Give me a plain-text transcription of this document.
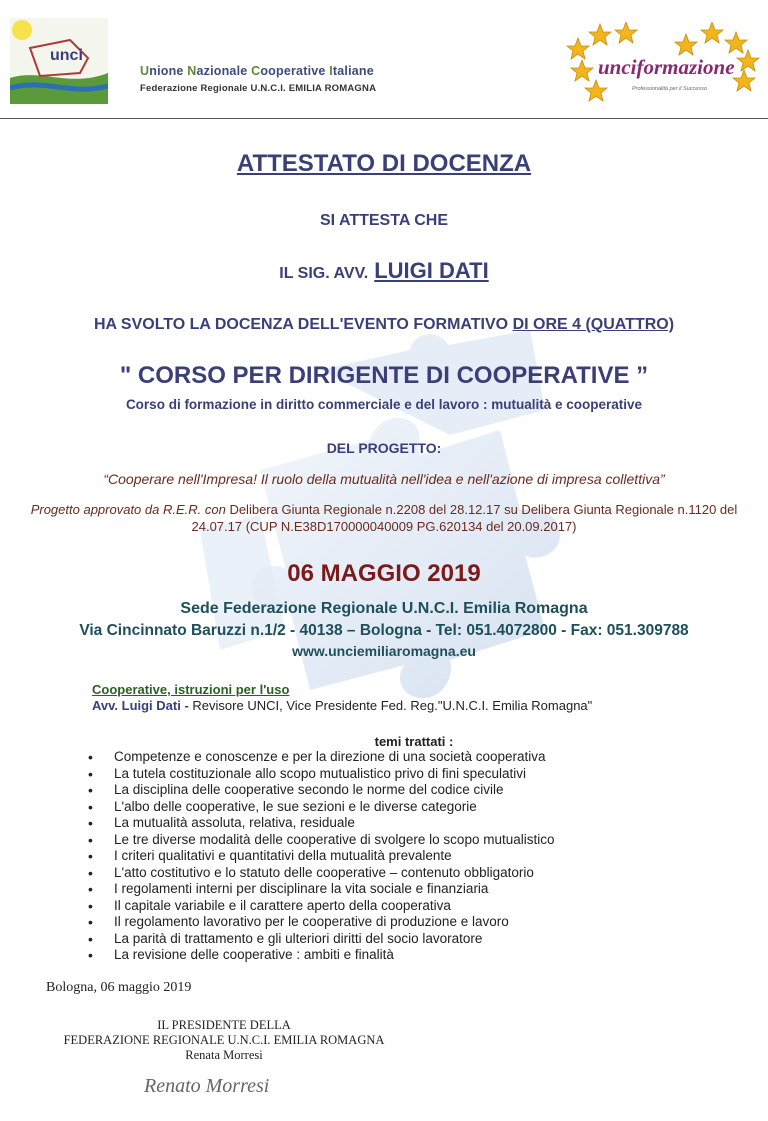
unci
Unione Nazionale Cooperative Italiane
Federazione Regionale U.N.C.I. EMILIA ROMAGNA
unciformazione
Professionalità per il Successo
ATTESTATO DI DOCENZA
SI ATTESTA CHE
IL SIG. AVV. LUIGI DATI
HA SVOLTO LA DOCENZA DELL'EVENTO FORMATIVO DI ORE 4 (QUATTRO)
" CORSO PER DIRIGENTE DI COOPERATIVE ”
Corso di formazione in diritto commerciale e del lavoro : mutualità e cooperative
DEL PROGETTO:
“Cooperare nell'Impresa! Il ruolo della mutualità nell'idea e nell'azione di impresa collettiva”
Progetto approvato da R.E.R. con Delibera Giunta Regionale n.2208 del 28.12.17 su Delibera Giunta Regionale n.1120 del 24.07.17 (CUP N.E38D170000040009 PG.620134 del 20.09.2017)
06 MAGGIO 2019
Sede Federazione Regionale U.N.C.I. Emilia Romagna
Via Cincinnato Baruzzi n.1/2 - 40138 – Bologna - Tel: 051.4072800 - Fax: 051.309788
www.unciemiliaromagna.eu
Cooperative, istruzioni per l'uso
Avv. Luigi Dati - Revisore UNCI, Vice Presidente Fed. Reg."U.N.C.I. Emilia Romagna"
temi trattati :
• Competenze e conoscenze e per la direzione di una società cooperativa
• La tutela costituzionale allo scopo mutualistico privo di fini speculativi
• La disciplina delle cooperative secondo le norme del codice civile
• L'albo delle cooperative, le sue sezioni e le diverse categorie
• La mutualità assoluta, relativa, residuale
• Le tre diverse modalità delle cooperative di svolgere lo scopo mutualistico
• I criteri qualitativi e quantitativi della mutualità prevalente
• L'atto costitutivo e lo statuto delle cooperative – contenuto obbligatorio
• I regolamenti interni per disciplinare la vita sociale e finanziaria
• Il capitale variabile e il carattere aperto della cooperativa
• Il regolamento lavorativo per le cooperative di produzione e lavoro
• La parità di trattamento e gli ulteriori diritti del socio lavoratore
• La revisione delle cooperative : ambiti e finalità
Bologna, 06 maggio 2019
IL PRESIDENTE DELLA
FEDERAZIONE REGIONALE U.N.C.I. EMILIA ROMAGNA
Renata Morresi
Renato Morresi
